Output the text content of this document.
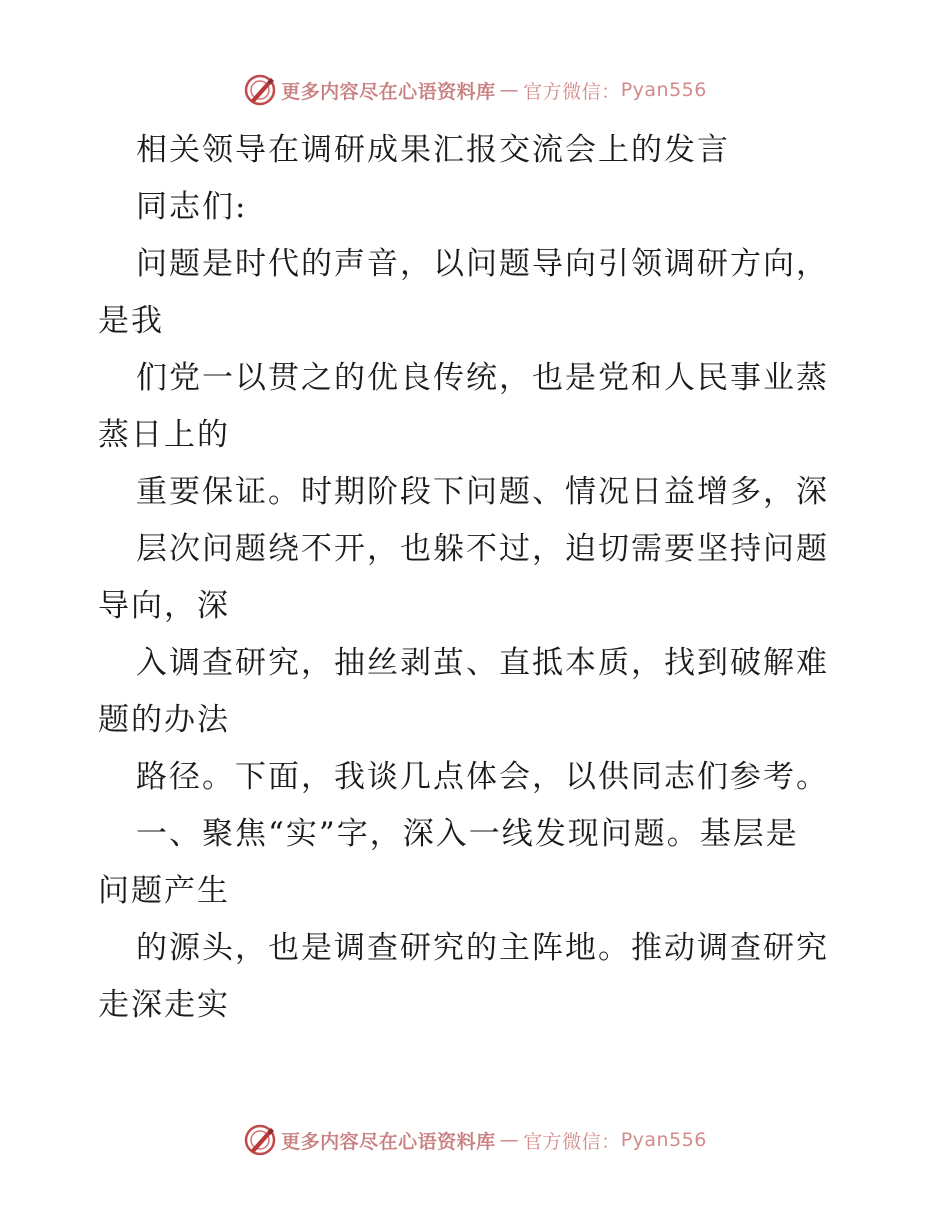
更多内容尽在心语资料库 — 官方微信： Pyan556
相关领导在调研成果汇报交流会上的发言
同志们:
问题是时代的声音，以问题导向引领调研方向，
是我
们党一以贯之的优良传统，也是党和人民事业蒸
蒸日上的
重要保证。时期阶段下问题、情况日益增多，深
层次问题绕不开，也躲不过，迫切需要坚持问题
导向，深
入调查研究，抽丝剥茧、直抵本质，找到破解难
题的办法
路径。下面，我谈几点体会，以供同志们参考。
一、聚焦“实”字，深入一线发现问题。基层是
问题产生
的源头，也是调查研究的主阵地。推动调查研究
走深走实
更多内容尽在心语资料库 — 官方微信： Pyan556
